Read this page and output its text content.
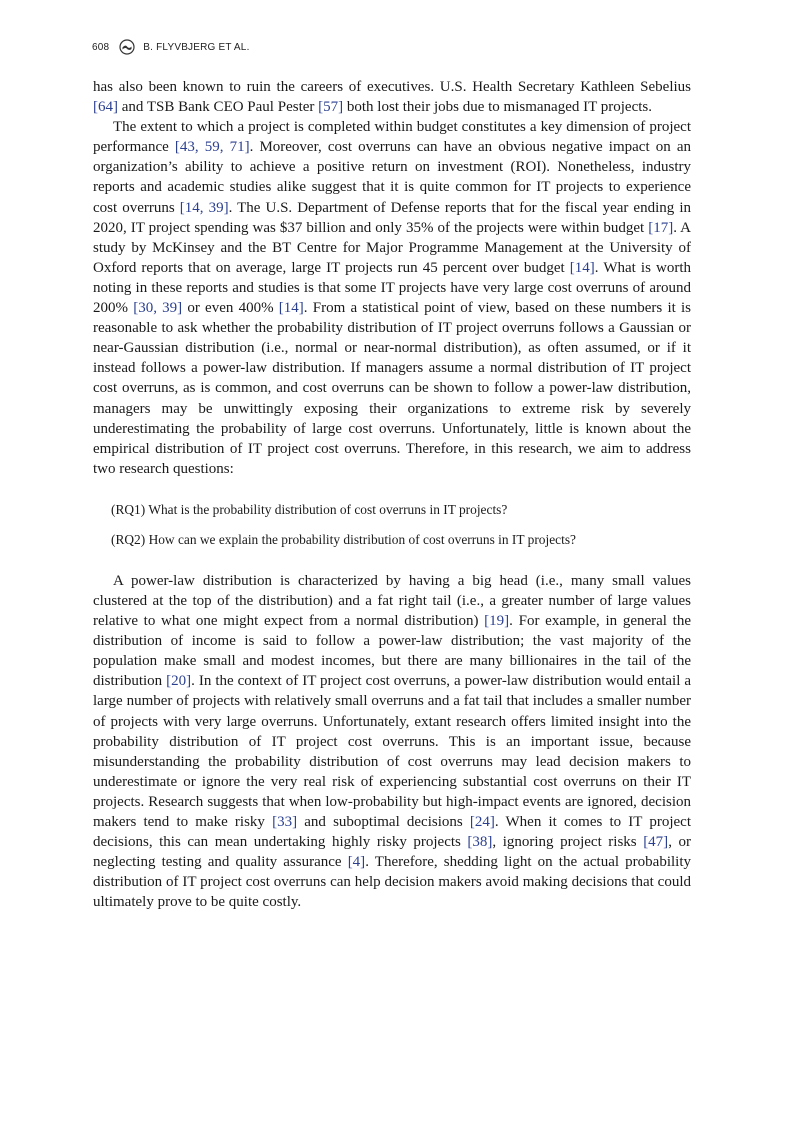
608	B. FLYVBJERG ET AL.

has also been known to ruin the careers of executives. U.S. Health Secretary Kathleen Sebelius [64] and TSB Bank CEO Paul Pester [57] both lost their jobs due to mismanaged IT projects.

The extent to which a project is completed within budget constitutes a key dimension of project performance [43, 59, 71]. Moreover, cost overruns can have an obvious negative impact on an organization’s ability to achieve a positive return on investment (ROI). Nonetheless, industry reports and academic studies alike suggest that it is quite common for IT projects to experience cost overruns [14, 39]. The U.S. Department of Defense reports that for the fiscal year ending in 2020, IT project spending was $37 billion and only 35% of the projects were within budget [17]. A study by McKinsey and the BT Centre for Major Programme Management at the University of Oxford reports that on average, large IT projects run 45 percent over budget [14]. What is worth noting in these reports and studies is that some IT projects have very large cost overruns of around 200% [30, 39] or even 400% [14]. From a statistical point of view, based on these numbers it is reasonable to ask whether the probability distribution of IT project overruns follows a Gaussian or near-Gaussian distribution (i.e., normal or near-normal distribution), as often assumed, or if it instead follows a power-law distribution. If managers assume a normal distribution of IT project cost overruns, as is common, and cost overruns can be shown to follow a power-law distribution, managers may be unwittingly exposing their organizations to extreme risk by severely underestimating the probability of large cost overruns. Unfortunately, little is known about the empirical distribution of IT project cost overruns. Therefore, in this research, we aim to address two research questions:

(RQ1) What is the probability distribution of cost overruns in IT projects?
(RQ2) How can we explain the probability distribution of cost overruns in IT projects?

A power-law distribution is characterized by having a big head (i.e., many small values clustered at the top of the distribution) and a fat right tail (i.e., a greater number of large values relative to what one might expect from a normal distribution) [19]. For example, in general the distribution of income is said to follow a power-law distribution; the vast majority of the population make small and modest incomes, but there are many billionaires in the tail of the distribution [20]. In the context of IT project cost overruns, a power-law distribution would entail a large number of projects with relatively small overruns and a fat tail that includes a smaller number of projects with very large overruns. Unfortunately, extant research offers limited insight into the probability distribution of IT project cost overruns. This is an important issue, because misunderstanding the probability distribution of cost overruns may lead decision makers to underestimate or ignore the very real risk of experiencing substantial cost overruns on their IT projects. Research suggests that when low-probability but high-impact events are ignored, decision makers tend to make risky [33] and suboptimal decisions [24]. When it comes to IT project decisions, this can mean undertaking highly risky projects [38], ignoring project risks [47], or neglecting testing and quality assurance [4]. Therefore, shedding light on the actual probability distribution of IT project cost overruns can help decision makers avoid making decisions that could ultimately prove to be quite costly.
